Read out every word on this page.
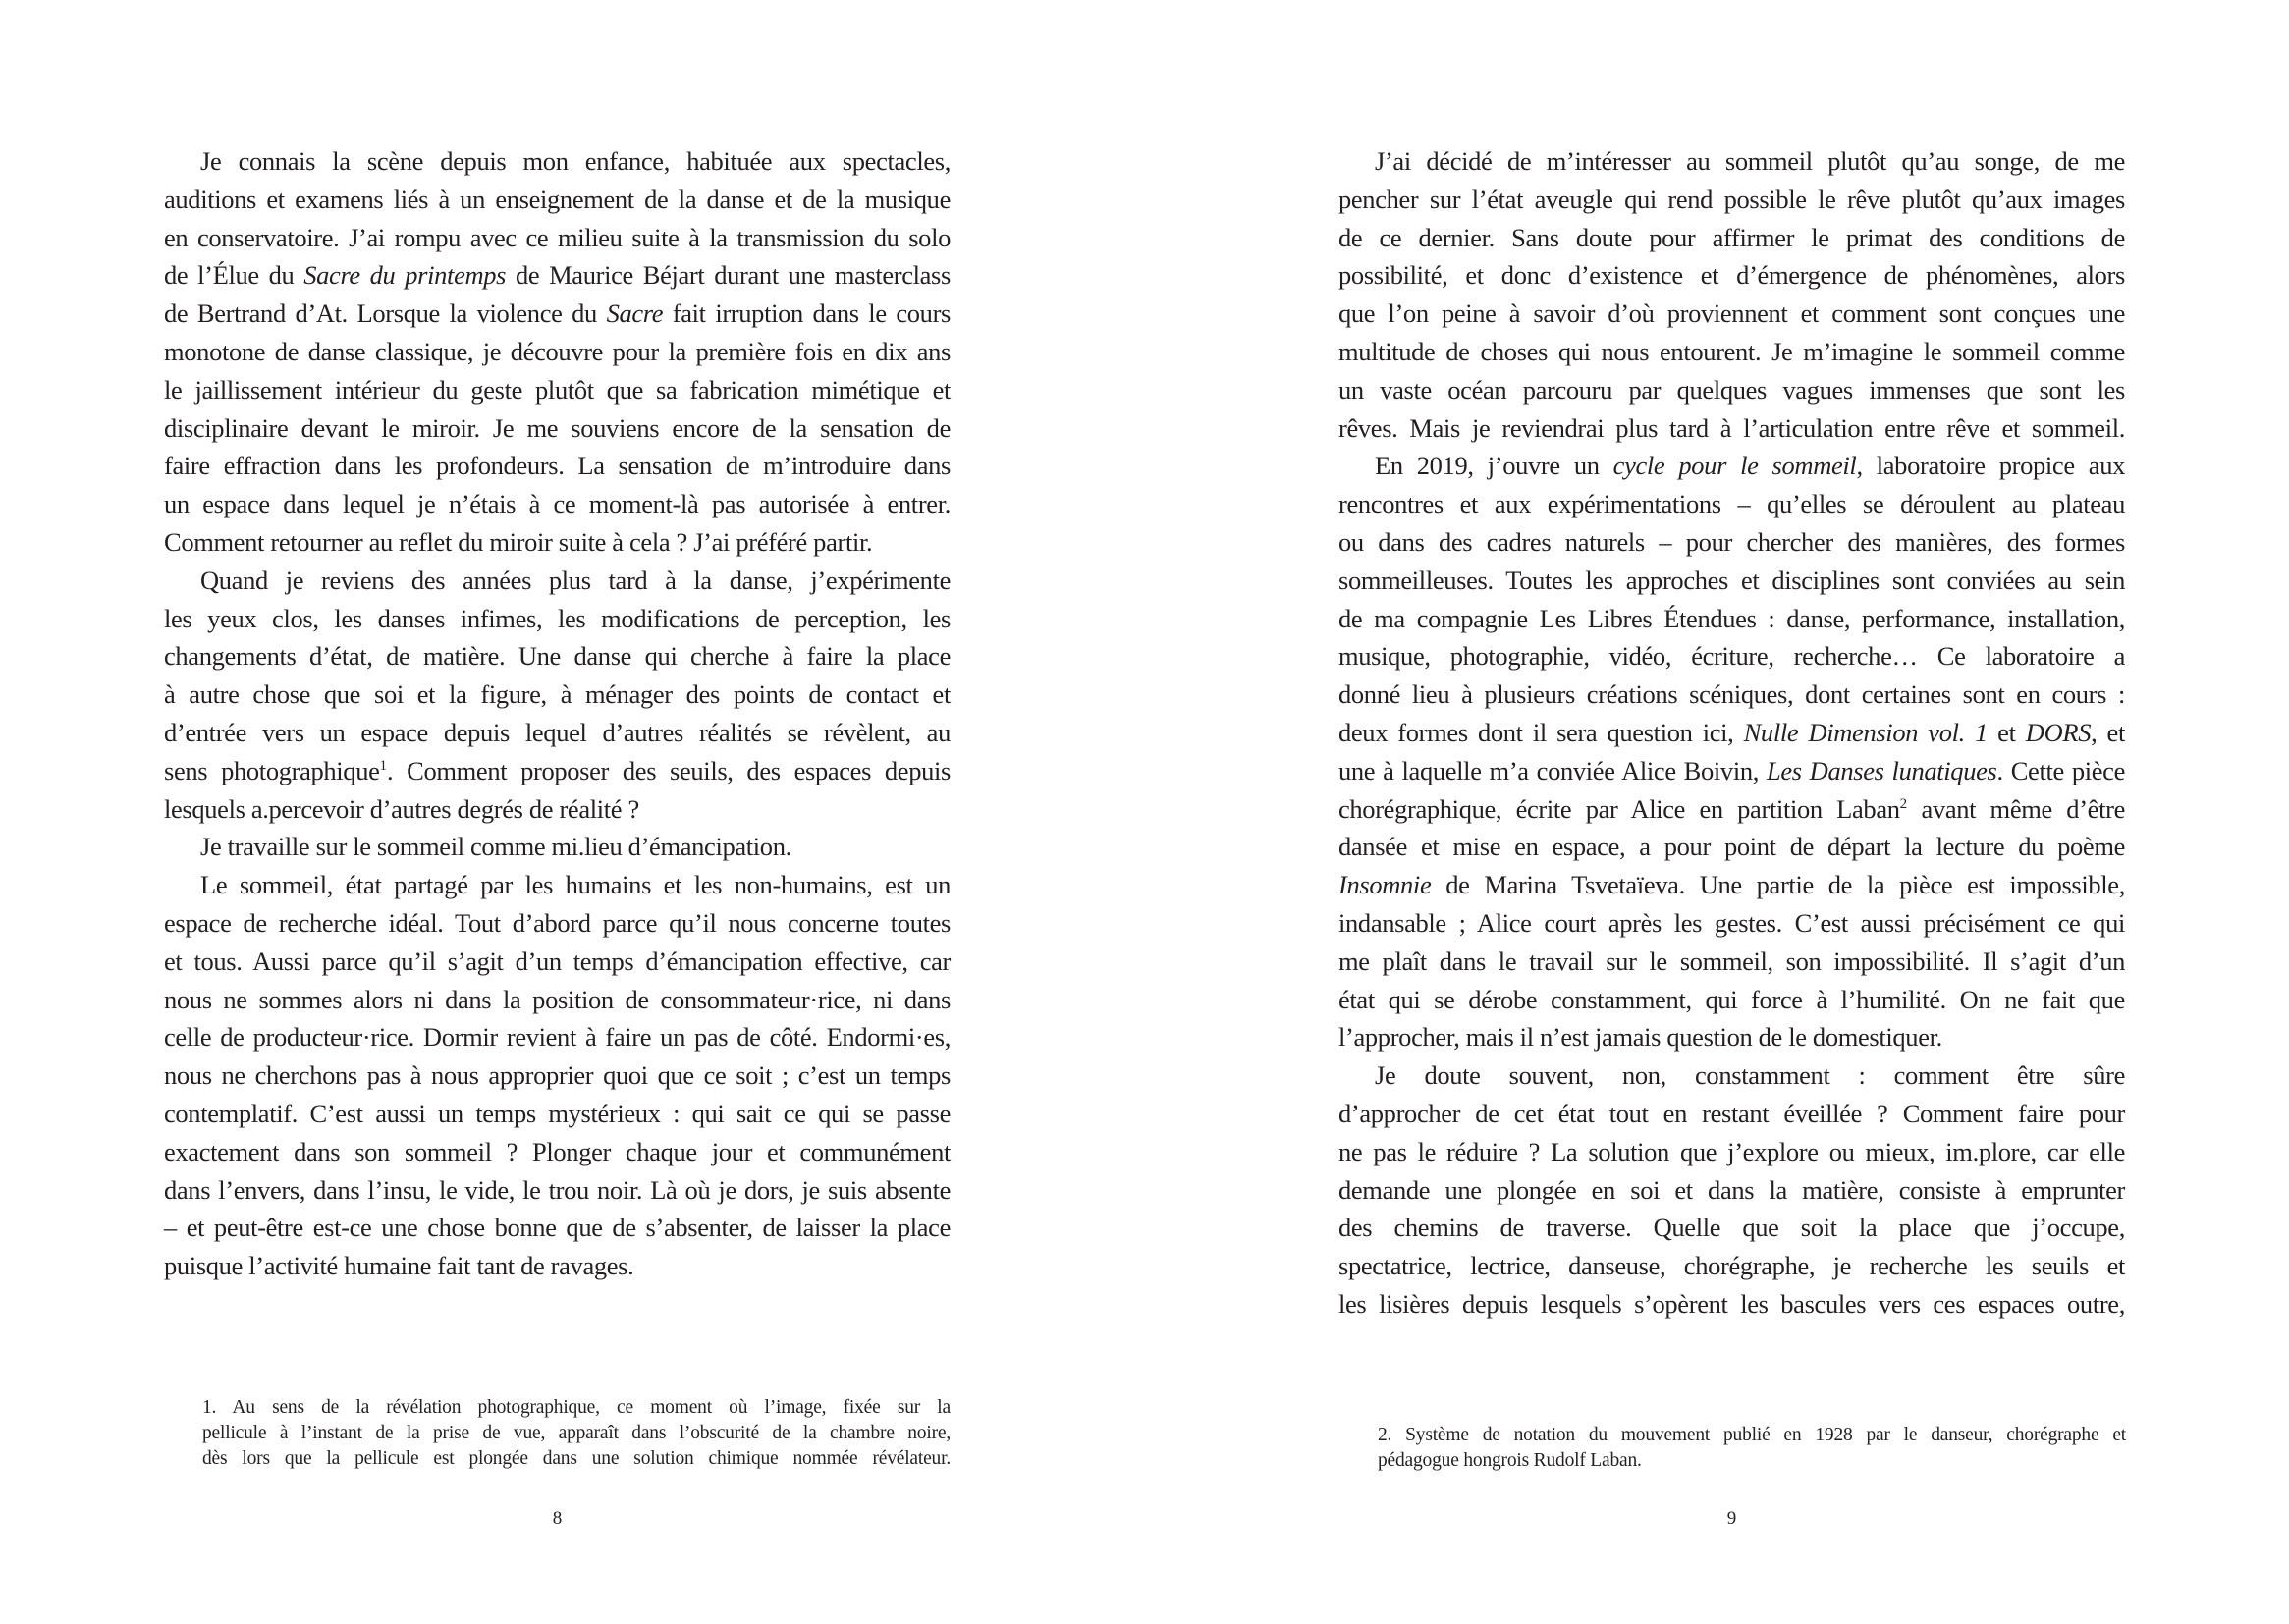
Je connais la scène depuis mon enfance, habituée aux spectacles,
auditions et examens liés à un enseignement de la danse et de la musique
en conservatoire. J’ai rompu avec ce milieu suite à la transmission du solo
de l’Élue du Sacre du printemps de Maurice Béjart durant une masterclass
de Bertrand d’At. Lorsque la violence du Sacre fait irruption dans le cours
monotone de danse classique, je découvre pour la première fois en dix ans
le jaillissement intérieur du geste plutôt que sa fabrication mimétique et
disciplinaire devant le miroir. Je me souviens encore de la sensation de
faire effraction dans les profondeurs. La sensation de m’introduire dans
un espace dans lequel je n’étais à ce moment-là pas autorisée à entrer.
Comment retourner au reflet du miroir suite à cela ? J’ai préféré partir.
Quand je reviens des années plus tard à la danse, j’expérimente
les yeux clos, les danses infimes, les modifications de perception, les
changements d’état, de matière. Une danse qui cherche à faire la place
à autre chose que soi et la figure, à ménager des points de contact et
d’entrée vers un espace depuis lequel d’autres réalités se révèlent, au
sens photographique$^1$. Comment proposer des seuils, des espaces depuis
lesquels a.percevoir d’autres degrés de réalité ?
Je travaille sur le sommeil comme mi.lieu d’émancipation.
Le sommeil, état partagé par les humains et les non-humains, est un
espace de recherche idéal. Tout d’abord parce qu’il nous concerne toutes
et tous. Aussi parce qu’il s’agit d’un temps d’émancipation effective, car
nous ne sommes alors ni dans la position de consommateur·rice, ni dans
celle de producteur·rice. Dormir revient à faire un pas de côté. Endormi·es,
nous ne cherchons pas à nous approprier quoi que ce soit ; c’est un temps
contemplatif. C’est aussi un temps mystérieux : qui sait ce qui se passe
exactement dans son sommeil ? Plonger chaque jour et communément
dans l’envers, dans l’insu, le vide, le trou noir. Là où je dors, je suis absente
– et peut-être est-ce une chose bonne que de s’absenter, de laisser la place
puisque l’activité humaine fait tant de ravages.
1. Au sens de la révélation photographique, ce moment où l’image, fixée sur la
pellicule à l’instant de la prise de vue, apparaît dans l’obscurité de la chambre noire,
dès lors que la pellicule est plongée dans une solution chimique nommée révélateur.
8
J’ai décidé de m’intéresser au sommeil plutôt qu’au songe, de me
pencher sur l’état aveugle qui rend possible le rêve plutôt qu’aux images
de ce dernier. Sans doute pour affirmer le primat des conditions de
possibilité, et donc d’existence et d’émergence de phénomènes, alors
que l’on peine à savoir d’où proviennent et comment sont conçues une
multitude de choses qui nous entourent. Je m’imagine le sommeil comme
un vaste océan parcouru par quelques vagues immenses que sont les
rêves. Mais je reviendrai plus tard à l’articulation entre rêve et sommeil.
En 2019, j’ouvre un cycle pour le sommeil, laboratoire propice aux
rencontres et aux expérimentations – qu’elles se déroulent au plateau
ou dans des cadres naturels – pour chercher des manières, des formes
sommeilleuses. Toutes les approches et disciplines sont conviées au sein
de ma compagnie Les Libres Étendues : danse, performance, installation,
musique, photographie, vidéo, écriture, recherche… Ce laboratoire a
donné lieu à plusieurs créations scéniques, dont certaines sont en cours :
deux formes dont il sera question ici, Nulle Dimension vol. 1 et DORS, et
une à laquelle m’a conviée Alice Boivin, Les Danses lunatiques. Cette pièce
chorégraphique, écrite par Alice en partition Laban$^2$ avant même d’être
dansée et mise en espace, a pour point de départ la lecture du poème
Insomnie de Marina Tsvetaïeva. Une partie de la pièce est impossible,
indansable ; Alice court après les gestes. C’est aussi précisément ce qui
me plaît dans le travail sur le sommeil, son impossibilité. Il s’agit d’un
état qui se dérobe constamment, qui force à l’humilité. On ne fait que
l’approcher, mais il n’est jamais question de le domestiquer.
Je doute souvent, non, constamment : comment être sûre
d’approcher de cet état tout en restant éveillée ? Comment faire pour
ne pas le réduire ? La solution que j’explore ou mieux, im.plore, car elle
demande une plongée en soi et dans la matière, consiste à emprunter
des chemins de traverse. Quelle que soit la place que j’occupe,
spectatrice, lectrice, danseuse, chorégraphe, je recherche les seuils et
les lisières depuis lesquels s’opèrent les bascules vers ces espaces outre,
2. Système de notation du mouvement publié en 1928 par le danseur, chorégraphe et
pédagogue hongrois Rudolf Laban.
9
